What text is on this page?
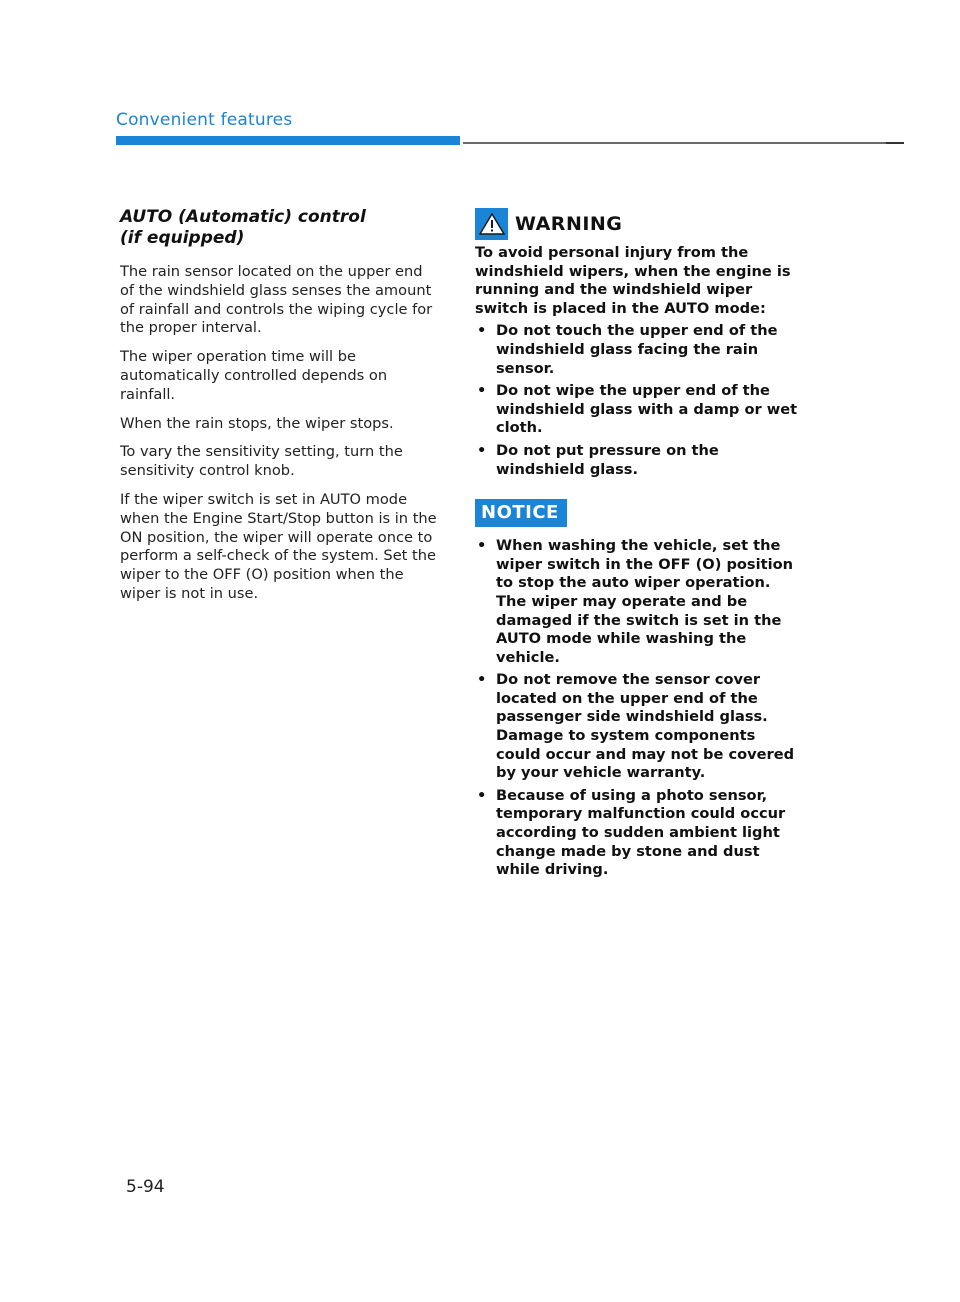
Convenient features
AUTO (Automatic) control
(if equipped)

The rain sensor located on the upper end of the windshield glass senses the amount of rainfall and controls the wiping cycle for the proper interval.

The wiper operation time will be automatically controlled depends on rainfall.

When the rain stops, the wiper stops.

To vary the sensitivity setting, turn the sensitivity control knob.

If the wiper switch is set in AUTO mode when the Engine Start/Stop button is in the ON position, the wiper will operate once to perform a self-check of the system. Set the wiper to the OFF (O) position when the wiper is not in use.

WARNING

To avoid personal injury from the windshield wipers, when the engine is running and the windshield wiper switch is placed in the AUTO mode:

• Do not touch the upper end of the windshield glass facing the rain sensor.
• Do not wipe the upper end of the windshield glass with a damp or wet cloth.
• Do not put pressure on the windshield glass.
NOTICE
• When washing the vehicle, set the wiper switch in the OFF (O) position to stop the auto wiper operation. The wiper may operate and be damaged if the switch is set in the AUTO mode while washing the vehicle.
• Do not remove the sensor cover located on the upper end of the passenger side windshield glass. Damage to system components could occur and may not be covered by your vehicle warranty.
• Because of using a photo sensor, temporary malfunction could occur according to sudden ambient light change made by stone and dust while driving.
5-94
